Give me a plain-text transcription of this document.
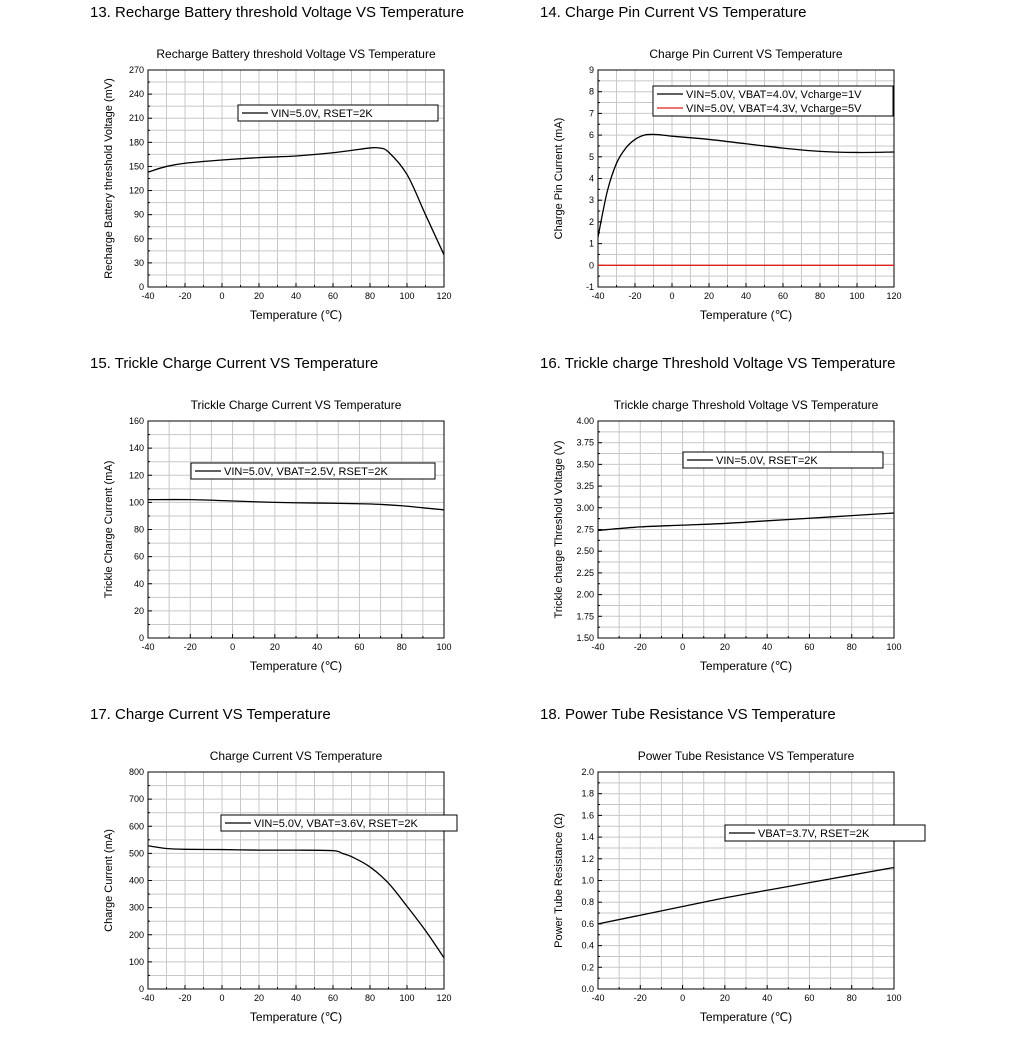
13. Recharge Battery threshold Voltage VS Temperature
Recharge Battery threshold Voltage VS Temperature
-40	-20	0	20	40	60	80	100 120
0
30
60
90
120
150
180
210
240
270
Temperature (℃)
Recharge Battery threshold Voltage (mV)	VIN=5.0V, RSET=2K
14. Charge Pin Current VS Temperature
Charge Pin Current VS Temperature
-40	-20	0	20	40	60	80	100 120
-1
0
1
2
3
4
5
6
7
8
9
Temperature (℃)
Charge Pin Current (mA)
VIN=5.0V, VBAT=4.0V, Vcharge=1V
VIN=5.0V, VBAT=4.3V, Vcharge=5V
15. Trickle Charge Current VS Temperature
Trickle Charge Current VS Temperature
-40	-20	0	20	40	60	80	100
0
20
40
60
80
100
120
140
160
Temperature (℃)
Trickle Charge Current (mA)	VIN=5.0V, VBAT=2.5V, RSET=2K
16. Trickle charge Threshold Voltage VS Temperature
Trickle charge Threshold Voltage VS Temperature
-40	-20	0	20	40	60	80	100
1.50
1.75
2.00
2.25
2.50
2.75
3.00
3.25
3.50
3.75
4.00
Temperature (℃)
Trickle charge Threshold Voltage (V)	VIN=5.0V, RSET=2K
17. Charge Current VS Temperature
Charge Current VS Temperature
-40	-20	0	20	40	60	80	100 120
0
100
200
300
400
500
600
700
800
Temperature (℃)
Charge Current (mA)
VIN=5.0V, VBAT=3.6V, RSET=2K
18. Power Tube Resistance VS Temperature
Power Tube Resistance VS Temperature
-40	-20	0	20	40	60	80	100
0.0
0.2
0.4
0.6
0.8
1.0
1.2
1.4
1.6
1.8
2.0
Temperature (℃)
Power Tube Resistance (Ω)	VBAT=3.7V, RSET=2K
